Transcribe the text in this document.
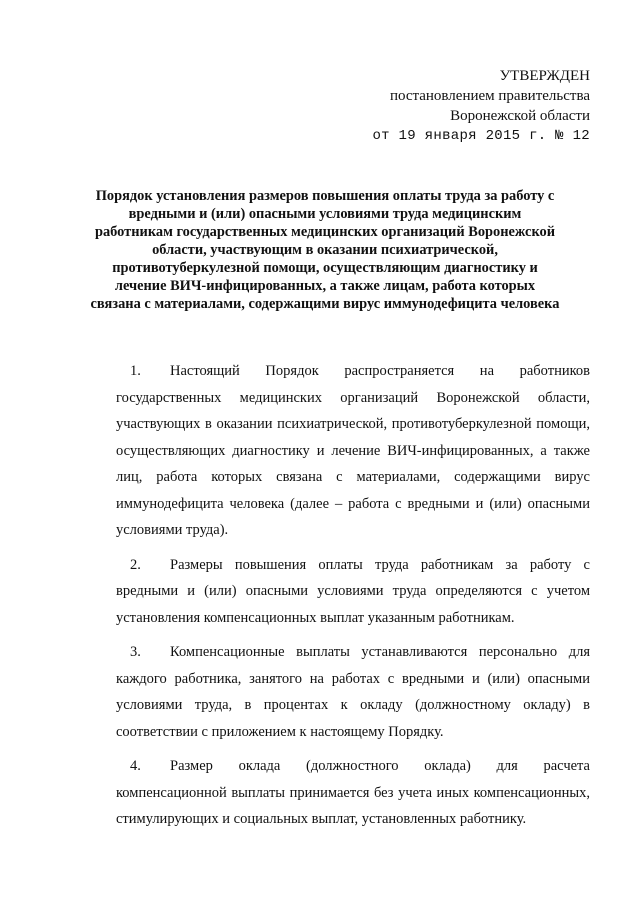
УТВЕРЖДЕН
постановлением правительства
Воронежской области
от 19 января 2015 г. № 12
Порядок установления размеров повышения оплаты труда за работу с вредными и (или) опасными условиями труда медицинским работникам государственных медицинских организаций Воронежской области, участвующим в оказании психиатрической, противотуберкулезной помощи, осуществляющим диагностику и лечение ВИЧ-инфицированных, а также лицам, работа которых связана с материалами, содержащими вирус иммунодефицита человека

1. Настоящий Порядок распространяется на работников государственных медицинских организаций Воронежской области, участвующих в оказании психиатрической, противотуберкулезной помощи, осуществляющих диагностику и лечение ВИЧ-инфицированных, а также лиц, работа которых связана с материалами, содержащими вирус иммунодефицита человека (далее – работа с вредными и (или) опасными условиями труда).

2. Размеры повышения оплаты труда работникам за работу с вредными и (или) опасными условиями труда определяются с учетом установления компенсационных выплат указанным работникам.

3. Компенсационные выплаты устанавливаются персонально для каждого работника, занятого на работах с вредными и (или) опасными условиями труда, в процентах к окладу (должностному окладу) в соответствии с приложением к настоящему Порядку.

4. Размер оклада (должностного оклада) для расчета компенсационной выплаты принимается без учета иных компенсационных, стимулирующих и социальных выплат, установленных работнику.
